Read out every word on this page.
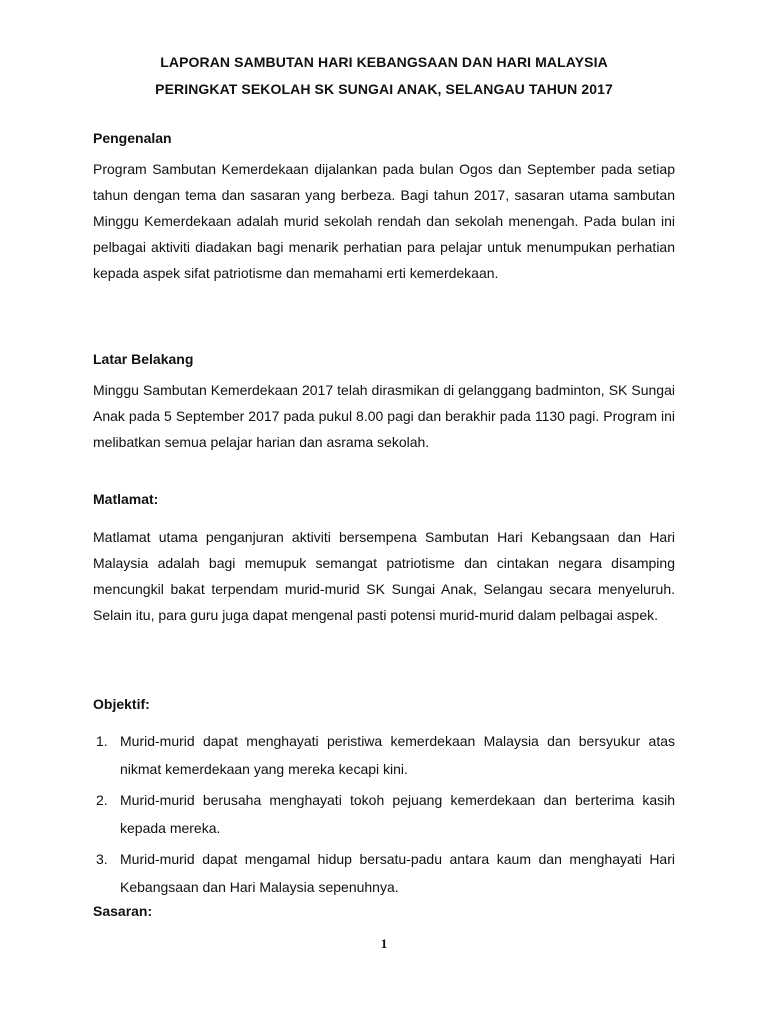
LAPORAN SAMBUTAN HARI KEBANGSAAN DAN HARI MALAYSIA
PERINGKAT SEKOLAH SK SUNGAI ANAK, SELANGAU TAHUN 2017
Pengenalan
Program Sambutan Kemerdekaan dijalankan pada bulan Ogos dan September pada setiap tahun dengan tema dan sasaran yang berbeza. Bagi tahun 2017, sasaran utama sambutan Minggu Kemerdekaan adalah murid sekolah rendah dan sekolah menengah. Pada bulan ini pelbagai aktiviti diadakan bagi menarik perhatian para pelajar untuk menumpukan perhatian kepada aspek sifat patriotisme dan memahami erti kemerdekaan.
Latar Belakang
Minggu Sambutan Kemerdekaan 2017 telah dirasmikan di gelanggang badminton, SK Sungai Anak pada 5 September 2017 pada pukul 8.00 pagi dan berakhir pada 1130 pagi. Program ini melibatkan semua pelajar harian dan asrama sekolah.
Matlamat:
Matlamat utama penganjuran aktiviti bersempena Sambutan Hari Kebangsaan dan Hari Malaysia adalah bagi memupuk semangat patriotisme dan cintakan negara disamping mencungkil bakat terpendam murid-murid SK Sungai Anak, Selangau secara menyeluruh. Selain itu, para guru juga dapat mengenal pasti potensi murid-murid dalam pelbagai aspek.
Objektif:
1. Murid-murid dapat menghayati peristiwa kemerdekaan Malaysia dan bersyukur atas nikmat kemerdekaan yang mereka kecapi kini.
2. Murid-murid berusaha menghayati tokoh pejuang kemerdekaan dan berterima kasih kepada mereka.
3. Murid-murid dapat mengamal hidup bersatu-padu antara kaum dan menghayati Hari Kebangsaan dan Hari Malaysia sepenuhnya.
Sasaran:
1
